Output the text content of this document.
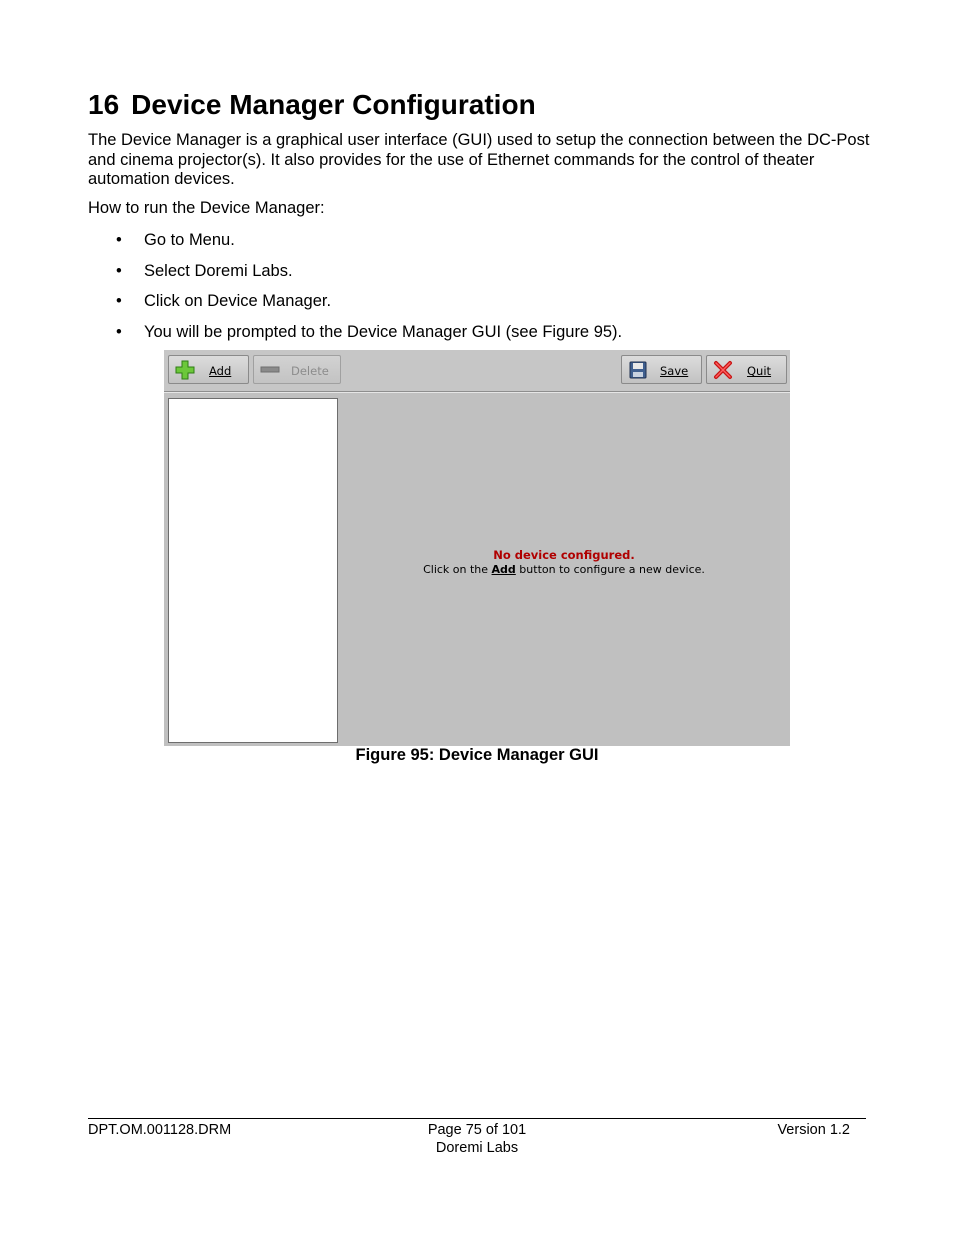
16 Device Manager Configuration

The Device Manager is a graphical user interface (GUI) used to setup the connection between the DC-Post and cinema projector(s). It also provides for the use of Ethernet commands for the control of theater automation devices.

How to run the Device Manager:

• Go to Menu.
• Select Doremi Labs.
• Click on Device Manager.
• You will be prompted to the Device Manager GUI (see Figure 95).
Add	Delete	Save	Quit
No device configured.
Click on the Add button to configure a new device.
Figure 95: Device Manager GUI
DPT.OM.001128.DRM	Page 75 of 101
Doremi Labs
Version 1.2
